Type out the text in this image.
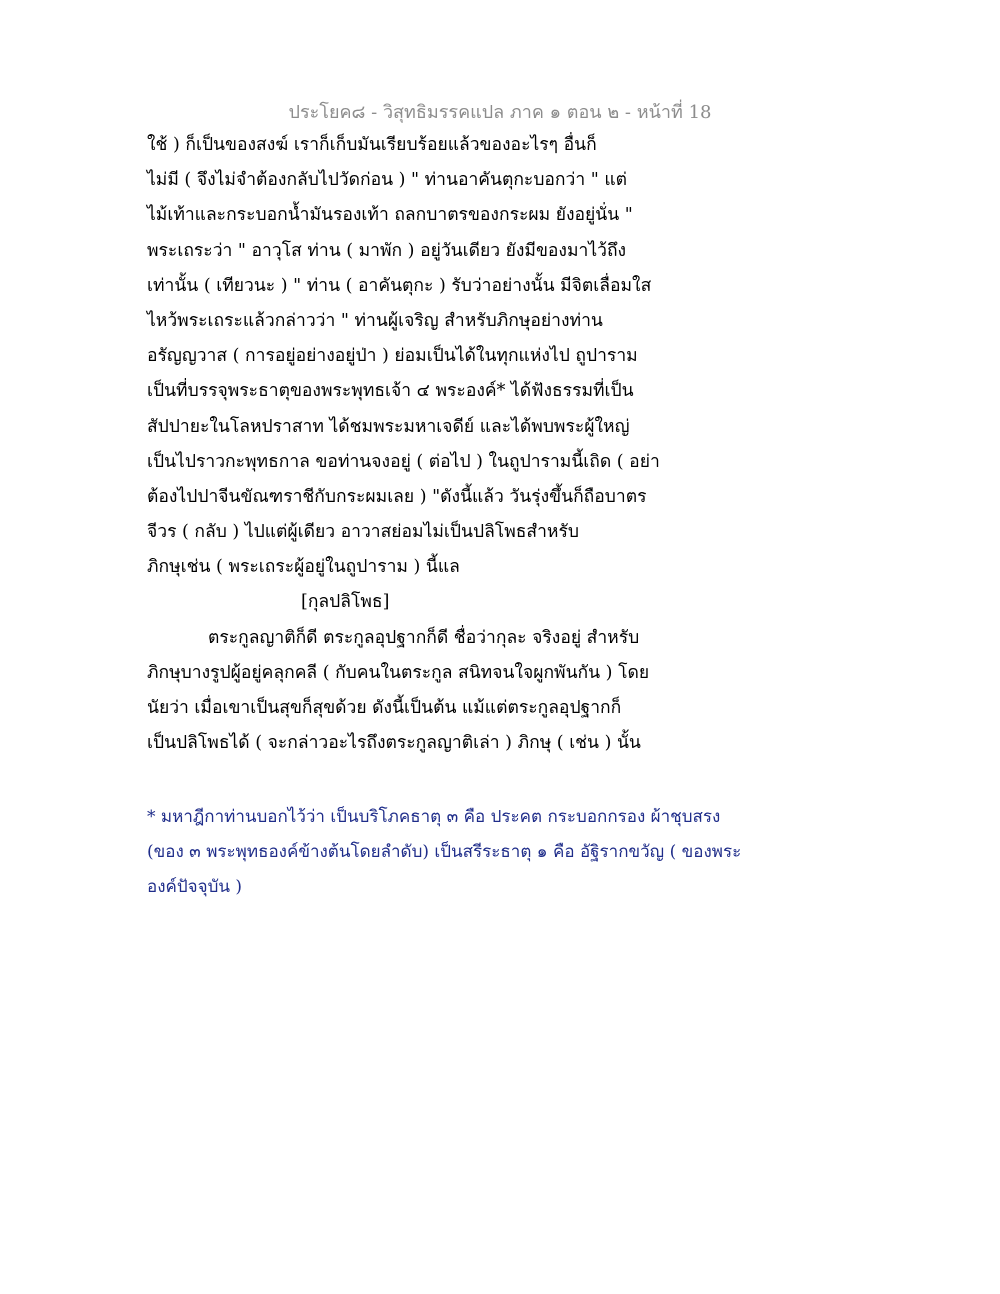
ประโยค๘ - วิสุทธิมรรคแปล ภาค ๑ ตอน ๒ - หน้าที่ 18
ใช้ ) ก็เป็นของสงฆ์ เราก็เก็บมันเรียบร้อยแล้วของอะไรๆ อื่นก็
ไม่มี ( จึงไม่จำต้องกลับไปวัดก่อน ) " ท่านอาคันตุกะบอกว่า " แต่
ไม้เท้าและกระบอกน้ำมันรองเท้า ถลกบาตรของกระผม ยังอยู่นั่น "
พระเถระว่า " อาวุโส ท่าน ( มาพัก ) อยู่วันเดียว ยังมีของมาไว้ถึง
เท่านั้น ( เทียวนะ ) " ท่าน ( อาคันตุกะ ) รับว่าอย่างนั้น มีจิตเลื่อมใส
ไหว้พระเถระแล้วกล่าวว่า " ท่านผู้เจริญ สำหรับภิกษุอย่างท่าน
อรัญญวาส ( การอยู่อย่างอยู่ป่า ) ย่อมเป็นได้ในทุกแห่งไป ถูปาราม
เป็นที่บรรจุพระธาตุของพระพุทธเจ้า ๔ พระองค์* ได้ฟังธรรมที่เป็น
สัปปายะในโลหปราสาท ได้ชมพระมหาเจดีย์ และได้พบพระผู้ใหญ่
เป็นไปราวกะพุทธกาล ขอท่านจงอยู่ ( ต่อไป ) ในถูปารามนี้เถิด ( อย่า
ต้องไปปาจีนขัณฑราชีกับกระผมเลย ) "ดังนี้แล้ว วันรุ่งขึ้นก็ถือบาตร
จีวร ( กลับ ) ไปแต่ผู้เดียว อาวาสย่อมไม่เป็นปลิโพธสำหรับ
ภิกษุเช่น ( พระเถระผู้อยู่ในถูปาราม ) นี้แล
[กุลปลิโพธ]
ตระกูลญาติก็ดี ตระกูลอุปฐากก็ดี ชื่อว่ากุละ จริงอยู่ สำหรับ
ภิกษุบางรูปผู้อยู่คลุกคลี ( กับคนในตระกูล สนิทจนใจผูกพันกัน ) โดย
นัยว่า เมื่อเขาเป็นสุขก็สุขด้วย ดังนี้เป็นต้น แม้แต่ตระกูลอุปฐากก็
เป็นปลิโพธได้ ( จะกล่าวอะไรถึงตระกูลญาติเล่า ) ภิกษุ ( เช่น ) นั้น
* มหาฎีกาท่านบอกไว้ว่า เป็นบริโภคธาตุ ๓ คือ ประคต กระบอกกรอง ผ้าชุบสรง
(ของ ๓ พระพุทธองค์ข้างต้นโดยลำดับ) เป็นสรีระธาตุ ๑ คือ อัฐิรากขวัญ ( ของพระ
องค์ปัจจุบัน )
